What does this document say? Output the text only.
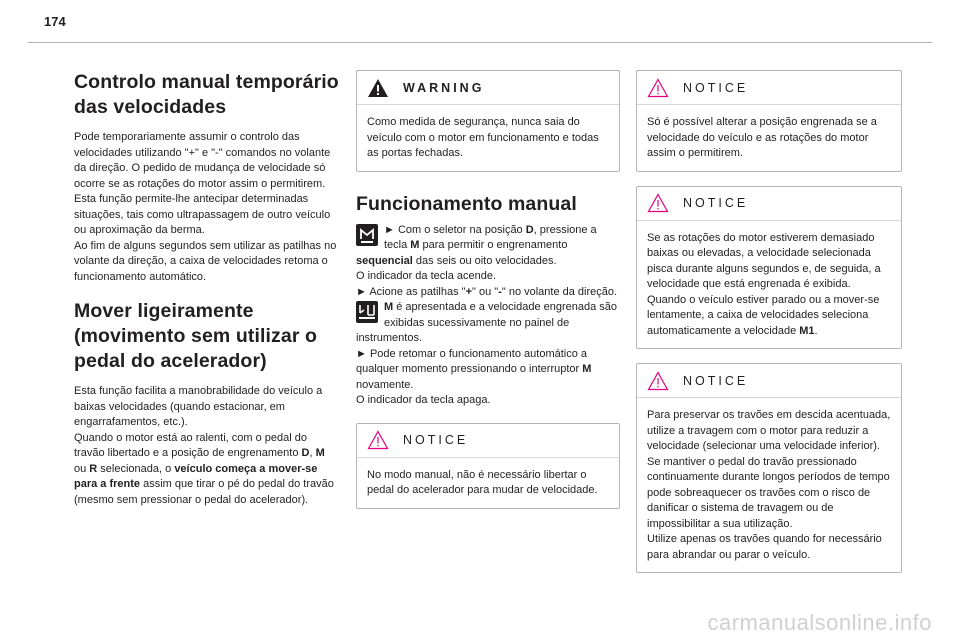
174
Controlo manual temporário das velocidades

Pode temporariamente assumir o controlo das velocidades utilizando "+" e "-" comandos no volante da direção. O pedido de mudança de velocidade só ocorre se as rotações do motor assim o permitirem.
Esta função permite-lhe antecipar determinadas situações, tais como ultrapassagem de outro veículo ou aproximação da berma.
Ao fim de alguns segundos sem utilizar as patilhas no volante da direção, a caixa de velocidades retoma o funcionamento automático.

Mover ligeiramente (movimento sem utilizar o pedal do acelerador)

Esta função facilita a manobrabilidade do veículo a baixas velocidades (quando estacionar, em engarrafamentos, etc.).
Quando o motor está ao ralenti, com o pedal do travão libertado e a posição de engrenamento D, M ou R selecionada, o veículo começa a mover-se para a frente assim que tirar o pé do pedal do travão (mesmo sem pressionar o pedal do acelerador).

WARNING
Como medida de segurança, nunca saia do veículo com o motor em funcionamento e todas as portas fechadas.
Funcionamento manual
► Com o seletor na posição D, pressione a tecla M para permitir o engrenamento sequencial das seis ou oito velocidades.
O indicador da tecla acende.
► Acione as patilhas "+" ou "-" no volante da direção.
M é apresentada e a velocidade engrenada são exibidas sucessivamente no painel de instrumentos.
► Pode retomar o funcionamento automático a qualquer momento pressionando o interruptor M novamente.
O indicador da tecla apaga.
NOTICE
No modo manual, não é necessário libertar o pedal do acelerador para mudar de velocidade.
NOTICE
Só é possível alterar a posição engrenada se a velocidade do veículo e as rotações do motor assim o permitirem.
NOTICE
Se as rotações do motor estiverem demasiado baixas ou elevadas, a velocidade selecionada pisca durante alguns segundos e, de seguida, a velocidade que está engrenada é exibida.
Quando o veículo estiver parado ou a mover-se lentamente, a caixa de velocidades seleciona automaticamente a velocidade M1.
NOTICE
Para preservar os travões em descida acentuada, utilize a travagem com o motor para reduzir a velocidade (selecionar uma velocidade inferior).
Se mantiver o pedal do travão pressionado continuamente durante longos períodos de tempo pode sobreaquecer os travões com o risco de danificar o sistema de travagem ou de impossibilitar a sua utilização.
Utilize apenas os travões quando for necessário para abrandar ou parar o veículo.
carmanualsonline.info
